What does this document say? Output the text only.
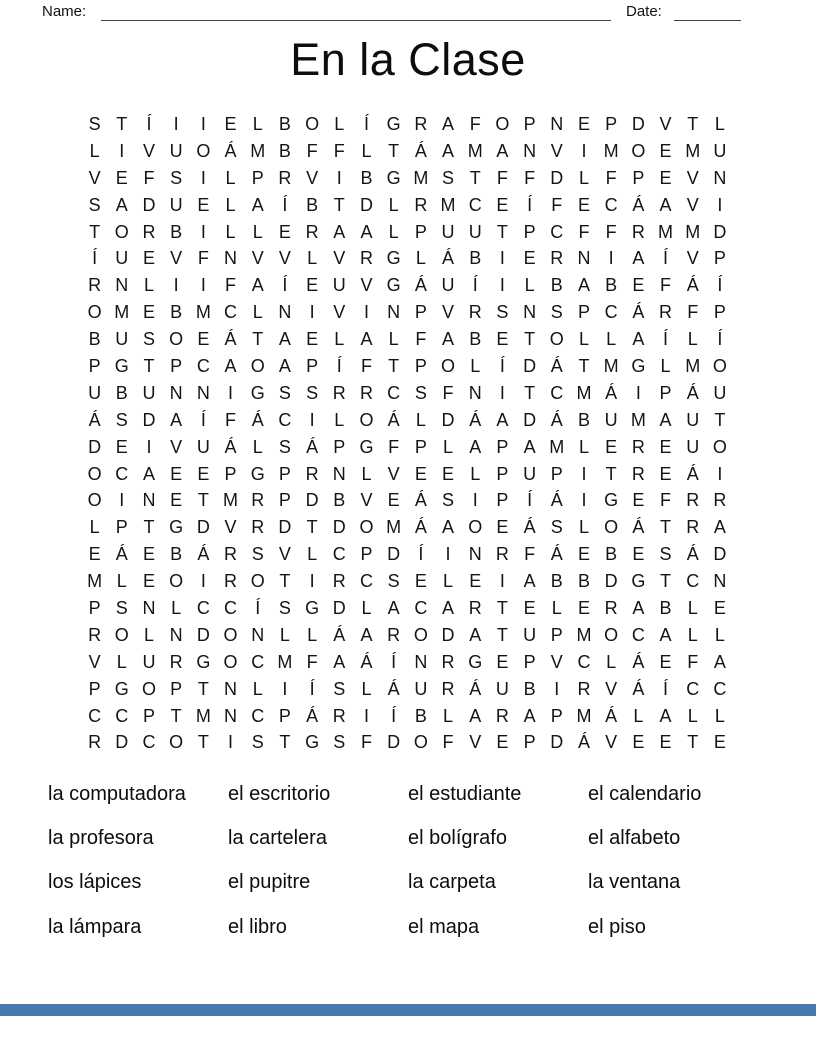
Name:	Date:
En la Clase
S T	Í	I	I	E L B O L	Í G R A F O P N E P D V T L
L	I	V U O Á M B F F L T Á A M A N V	I M O E M U
V E F S	I	L P R V	I	B G M S T F F D L F P E V N
S A D U E L A	Í	B T D L R M C E	Í	F E C Á A V	I
T O R B	I	L L E R A A L P U U T P C F F R M M D
Í	U E V F N V V L V R G L Á B	I	E R N	I	A	Í	V P
R N L	I	I	F A	Í	E U V G Á U	Í	I	L B A B E F Á	Í
O M E B M C L N	I	V	I	N P V R S N S P C Á R F P
B U S O E Á T A E L A L F A B E T O L L A	Í	L	Í
P G T P C A O A P	Í	F T P O L	Í	D Á T M G L M O
U B U N N	I G S S R R C S F N	I	T C M Á	I	P Á U
Á S D A	Í	F Á C	I	L O Á L D Á A D Á B U M A U T
D E	I	V U Á L S Á P G F P L A P A M L E R E U O
O C A E E P G P R N L V E E L P U P	I	T R E Á	I
O I	N E T M R P D B V E Á S	I	P	Í	Á	I G E F R R
L P T G D V R D T D O M Á A O E Á S L O Á T R A
E Á E B Á R S V L C P D	Í	I	N R F Á E B E S Á D
M L E O I	R O T	I	R C S E L E	I	A B B D G T C N
P S N L C C	Í	S G D L A C A R T E L E R A B L E
R O L N D O N L L Á A R O D A T U P M O C A L L
V L U R G O C M F A Á	Í	N R G E P V C L Á E F A
P G O P T N L	I	Í	S L Á U R Á U B	I	R V Á	Í	C C
C C P T M N C P Á R	I	Í	B L A R A P M Á L A L L
R D C O T	I	S T G S F D O F V E P D Á V E E T E
la computadora	el escritorio	el estudiante	el calendario
la profesora	la cartelera	el bolígrafo	el alfabeto
los lápices	el pupitre	la carpeta	la ventana
la lámpara	el libro	el mapa	el piso
